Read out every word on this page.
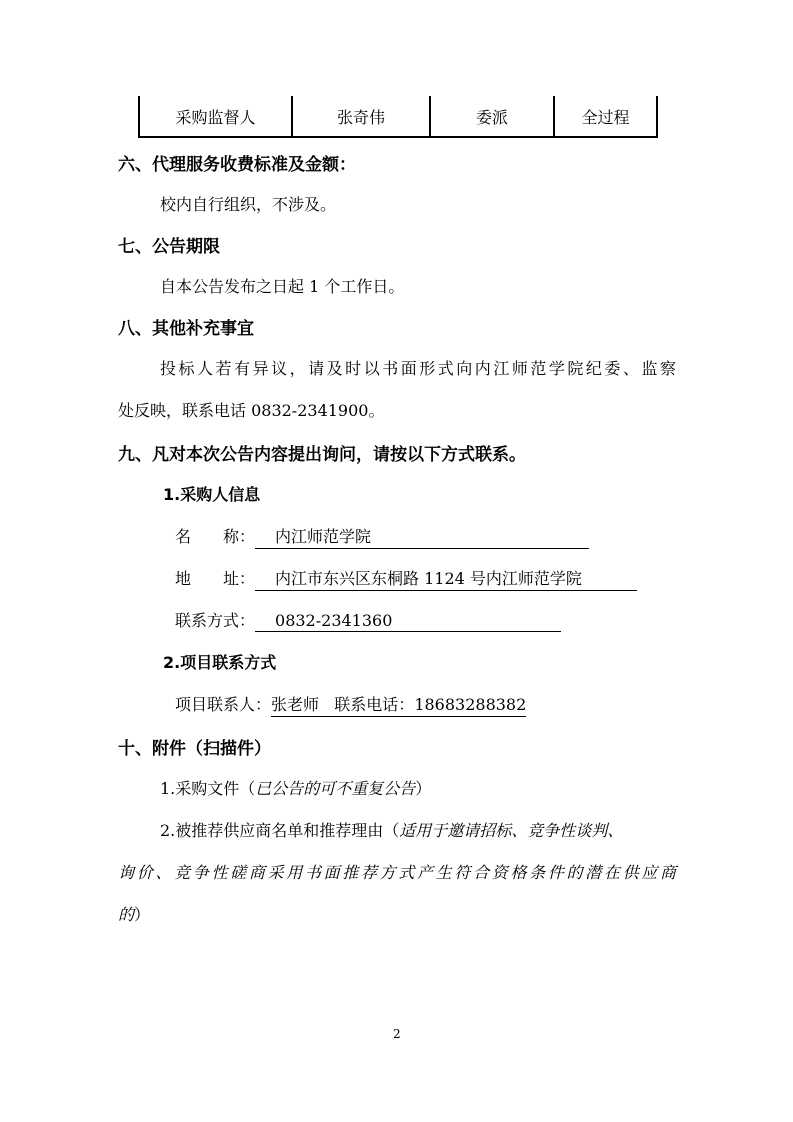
采购监督人	张奇伟	委派	全过程
六、代理服务收费标准及金额：
校内自行组织，不涉及。
七、公告期限
自本公告发布之日起 1 个工作日。
八、其他补充事宜
投标人若有异议，请及时以书面形式向内江师范学院纪委、监察
处反映，联系电话 0832-2341900。
九、凡对本次公告内容提出询问，请按以下方式联系。
1.采购人信息
名　　称： 内江师范学院
地　　址： 内江市东兴区东桐路 1124 号内江师范学院
联系方式： 0832-2341360
2.项目联系方式
项目联系人：张老师 联系电话：18683288382
十、附件（扫描件）
1.采购文件（已公告的可不重复公告）
2.被推荐供应商名单和推荐理由（适用于邀请招标、竞争性谈判、
询价、竞争性磋商采用书面推荐方式产生符合资格条件的潜在供应商
的）
2
